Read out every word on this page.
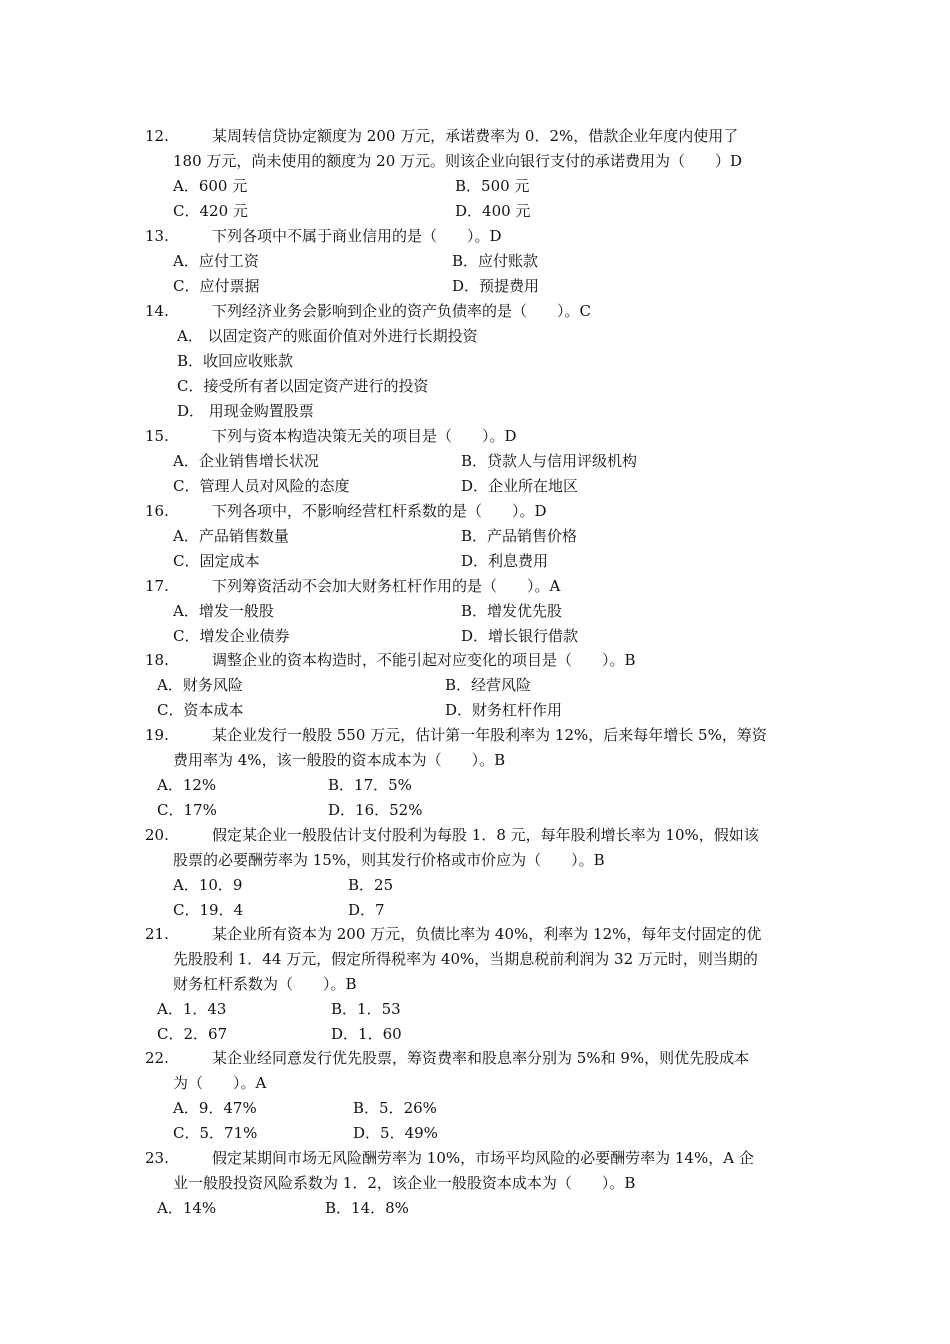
12.	某周转信贷协定额度为 200 万元，承诺费率为 0．2%，借款企业年度内使用了
180 万元，尚未使用的额度为 20 万元。则该企业向银行支付的承诺费用为（　　）D
A．600 元	B．500 元
C．420 元	D．400 元
13.	下列各项中不属于商业信用的是（　　）。D
A．应付工资	B．应付账款
C．应付票据	D．预提费用
14.	下列经济业务会影响到企业的资产负债率的是（　　）。C
A． 以固定资产的账面价值对外进行长期投资
B．收回应收账款
C．接受所有者以固定资产进行的投资
D． 用现金购置股票
15.	下列与资本构造决策无关的项目是（　　）。D
A．企业销售增长状况	B．贷款人与信用评级机构
C．管理人员对风险的态度	D．企业所在地区
16.	下列各项中，不影响经营杠杆系数的是（　　）。D
A．产品销售数量	B．产品销售价格
C．固定成本	D．利息费用
17.	下列筹资活动不会加大财务杠杆作用的是（　　）。A
A．增发一般股	B．增发优先股
C．增发企业债券	D．增长银行借款
18.	调整企业的资本构造时，不能引起对应变化的项目是（　　）。B
A．财务风险	B．经营风险
C．资本成本	D．财务杠杆作用
19.	某企业发行一般股 550 万元，估计第一年股利率为 12%，后来每年增长 5%，筹资
费用率为 4%，该一般股的资本成本为（　　）。B
A．12%	B．17．5%
C．17%	D．16．52%
20.	假定某企业一般股估计支付股利为每股 1．8 元，每年股利增长率为 10%，假如该
股票的必要酬劳率为 15%，则其发行价格或市价应为（　　）。B
A．10．9	B．25
C．19．4	D．7
21.	某企业所有资本为 200 万元，负债比率为 40%，利率为 12%，每年支付固定的优
先股股利 1．44 万元，假定所得税率为 40%，当期息税前利润为 32 万元时，则当期的
财务杠杆系数为（　　）。B
A．1．43	B．1．53
C．2．67	D．1．60
22.	某企业经同意发行优先股票，筹资费率和股息率分别为 5%和 9%，则优先股成本
为（　　）。A
A．9．47%	B．5．26%
C．5．71%	D．5．49%
23.	假定某期间市场无风险酬劳率为 10%，市场平均风险的必要酬劳率为 14%，A 企
业一般股投资风险系数为 1．2，该企业一般股资本成本为（　　）。B
A．14%	B．14．8%
